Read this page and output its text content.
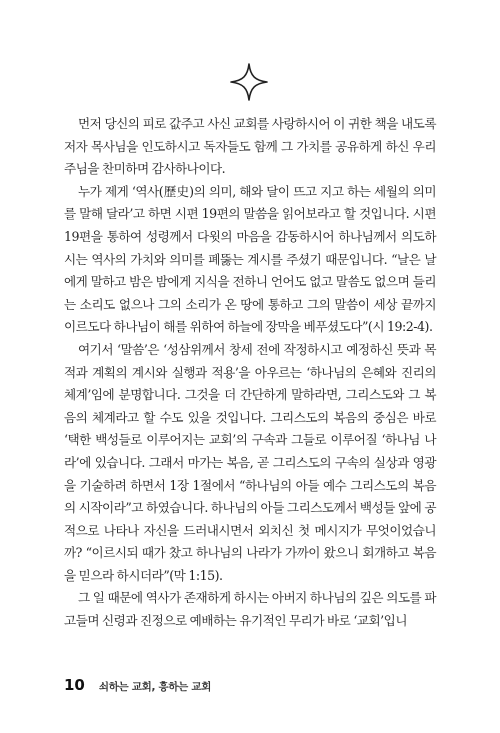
먼저 당신의 피로 값주고 사신 교회를 사랑하시어 이 귀한 책을 내도록 저자 목사님을 인도하시고 독자들도 함께 그 가치를 공유하게 하신 우리 주님을 찬미하며 감사하나이다.

누가 제게 ‘역사(歷史)의 의미, 해와 달이 뜨고 지고 하는 세월의 의미를 말해 달라’고 하면 시편 19편의 말씀을 읽어보라고 할 것입니다. 시편 19편을 통하여 성령께서 다윗의 마음을 감동하시어 하나님께서 의도하시는 역사의 가치와 의미를 폐뚫는 계시를 주셨기 때문입니다. “날은 날에게 말하고 밤은 밤에게 지식을 전하니 언어도 없고 말씀도 없으며 들리는 소리도 없으나 그의 소리가 온 땅에 통하고 그의 말씀이 세상 끝까지 이르도다 하나님이 해를 위하여 하늘에 장막을 베푸셨도다”(시 19:2-4).

여기서 ‘말씀’은 ‘성삼위께서 창세 전에 작정하시고 예정하신 뜻과 목적과 계획의 계시와 실행과 적용’을 아우르는 ‘하나님의 은혜와 진리의 체계’임에 분명합니다. 그것을 더 간단하게 말하라면, 그리스도와 그 복음의 체계라고 할 수도 있을 것입니다. 그리스도의 복음의 중심은 바로 ‘택한 백성들로 이루어지는 교회’의 구속과 그들로 이루어질 ‘하나님 나라’에 있습니다. 그래서 마가는 복음, 곧 그리스도의 구속의 실상과 영광을 기술하려 하면서 1장 1절에서 “하나님의 아들 예수 그리스도의 복음의 시작이라”고 하였습니다. 하나님의 아들 그리스도께서 백성들 앞에 공적으로 나타나 자신을 드러내시면서 외치신 첫 메시지가 무엇이었습니까? “이르시되 때가 찼고 하나님의 나라가 가까이 왔으니 회개하고 복음을 믿으라 하시더라”(막 1:15).

그 일 때문에 역사가 존재하게 하시는 아버지 하나님의 깊은 의도를 파고들며 신령과 진정으로 예배하는 유기적인 무리가 바로 ‘교회’입니

10 쇠하는 교회, 흥하는 교회
